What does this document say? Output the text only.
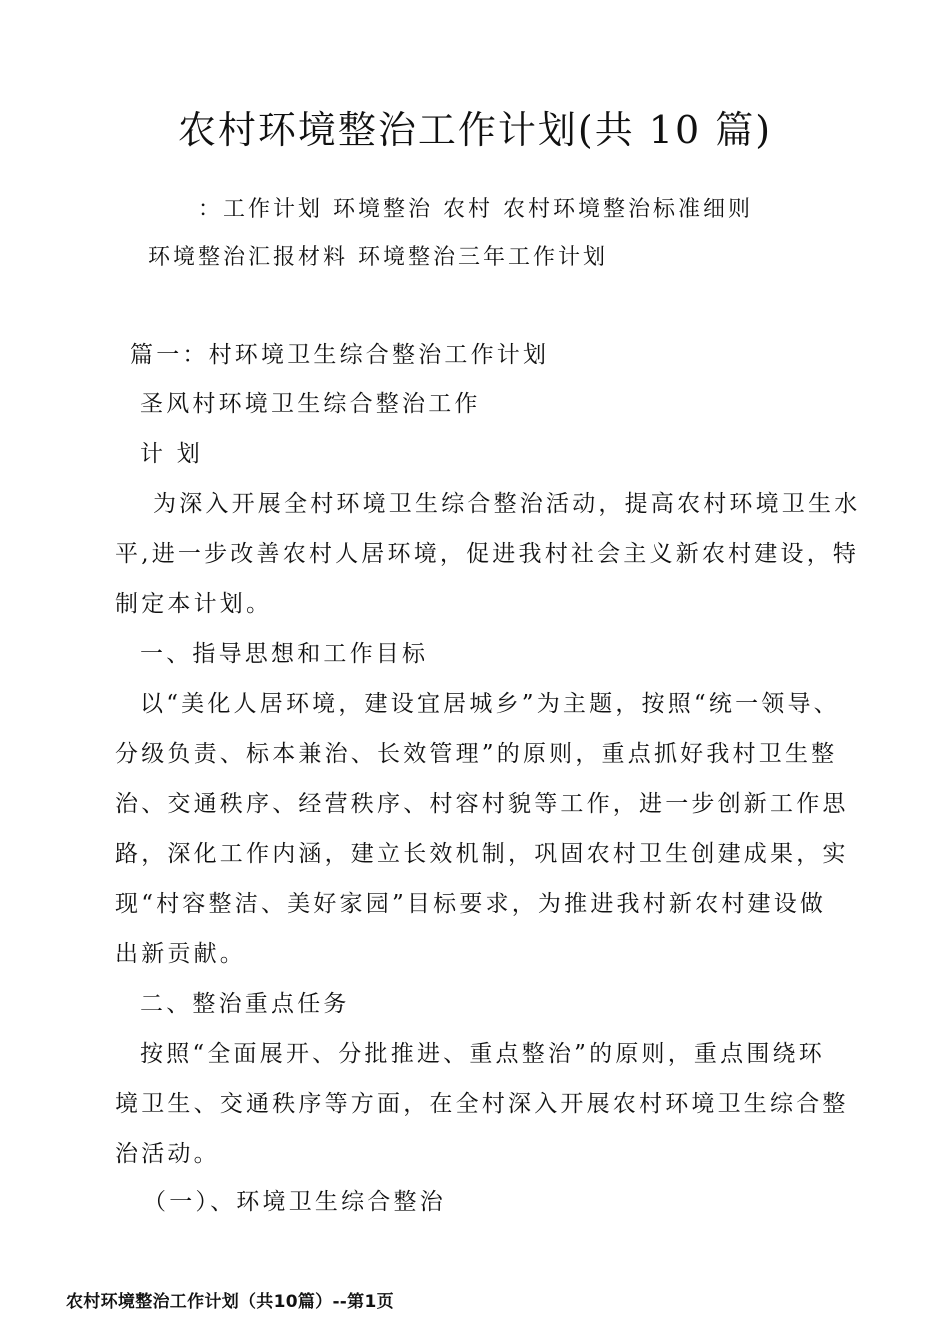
农村环境整治工作计划(共 10 篇)
：工作计划 环境整治 农村 农村环境整治标准细则
环境整治汇报材料 环境整治三年工作计划
篇一：村环境卫生综合整治工作计划
圣风村环境卫生综合整治工作
计 划
为深入开展全村环境卫生综合整治活动，提高农村环境卫生水
平,进一步改善农村人居环境，促进我村社会主义新农村建设，特
制定本计划。
一、指导思想和工作目标
以“美化人居环境，建设宜居城乡”为主题，按照“统一领导、
分级负责、标本兼治、长效管理”的原则，重点抓好我村卫生整
治、交通秩序、经营秩序、村容村貌等工作，进一步创新工作思
路，深化工作内涵，建立长效机制，巩固农村卫生创建成果，实
现“村容整洁、美好家园”目标要求，为推进我村新农村建设做
出新贡献。
二、整治重点任务
按照“全面展开、分批推进、重点整治”的原则，重点围绕环
境卫生、交通秩序等方面，在全村深入开展农村环境卫生综合整
治活动。
（一）、环境卫生综合整治
农村环境整治工作计划（共10篇）--第1页
